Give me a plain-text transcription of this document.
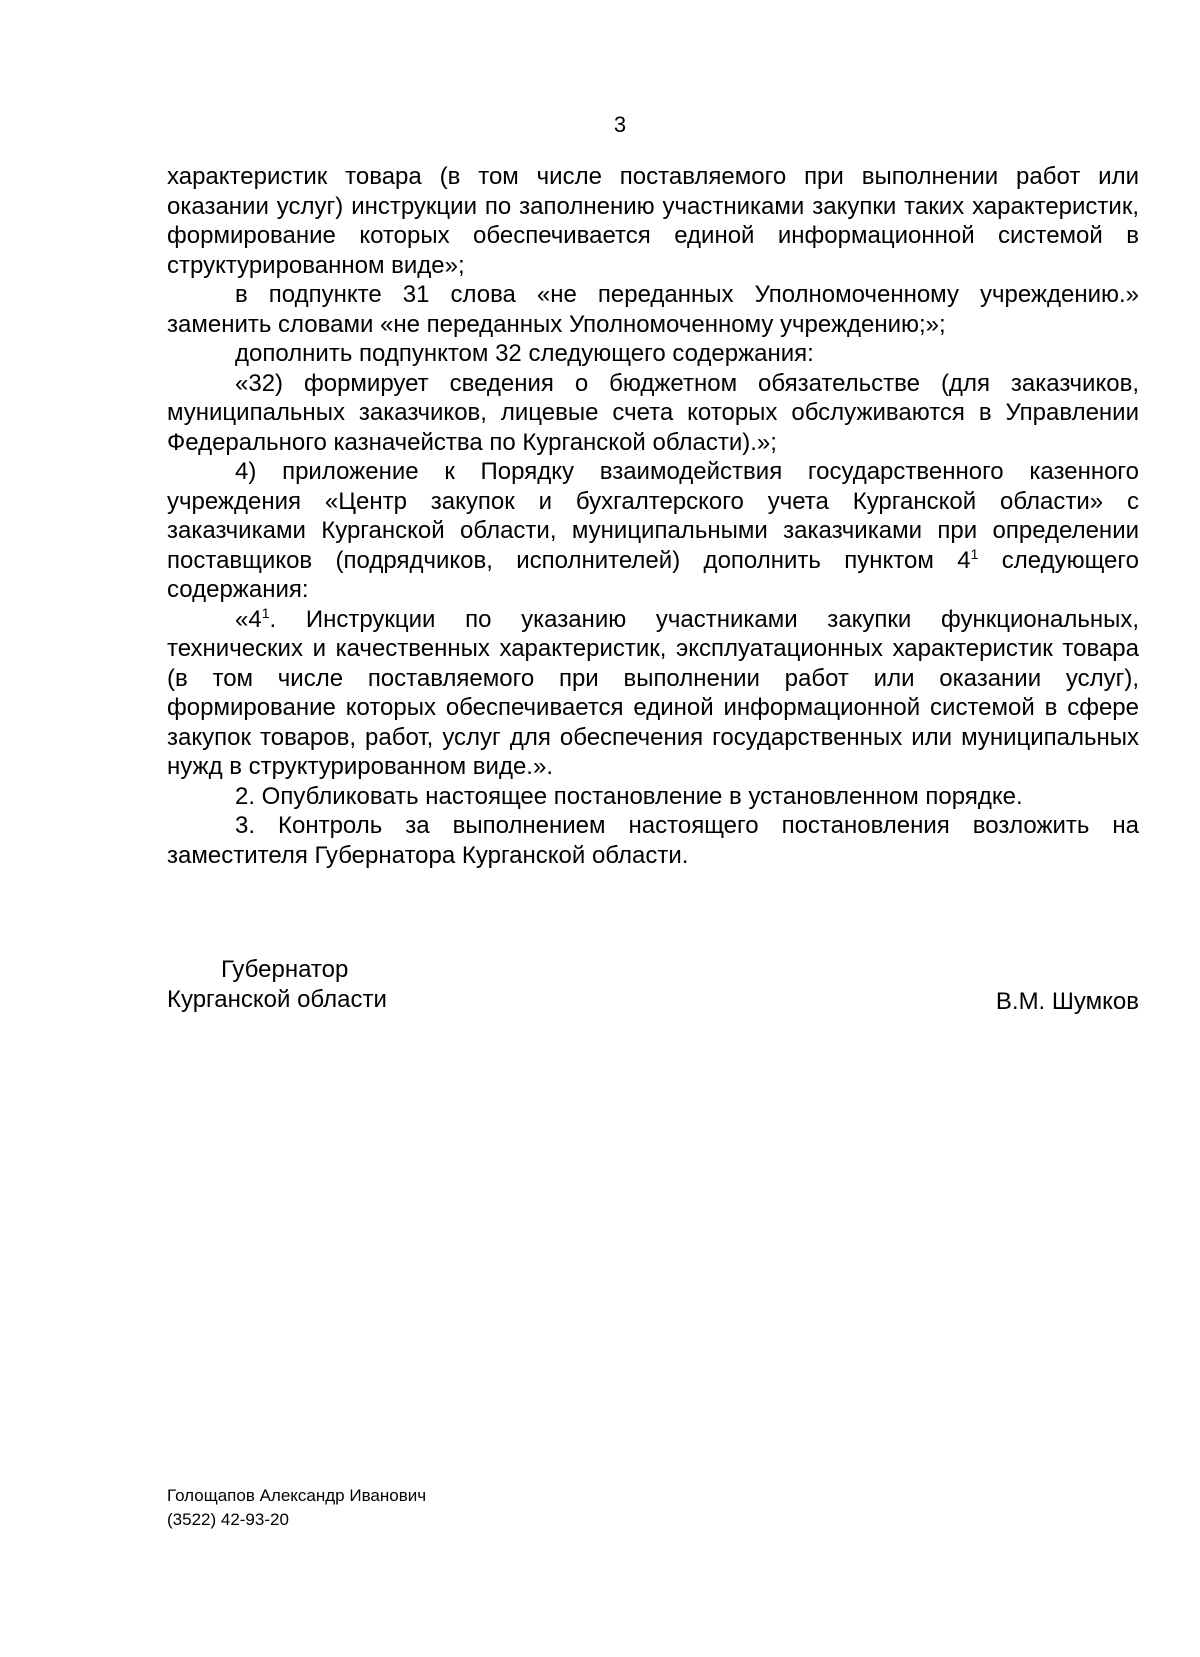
3

характеристик товара (в том числе поставляемого при выполнении работ или оказании услуг) инструкции по заполнению участниками закупки таких характеристик, формирование которых обеспечивается единой информационной системой в структурированном виде»;

в подпункте 31 слова «не переданных Уполномоченному учреждению.» заменить словами «не переданных Уполномоченному учреждению;»;

дополнить подпунктом 32 следующего содержания:

«32) формирует сведения о бюджетном обязательстве (для заказчиков, муниципальных заказчиков, лицевые счета которых обслуживаются в Управлении Федерального казначейства по Курганской области).»;

4) приложение к Порядку взаимодействия государственного казенного учреждения «Центр закупок и бухгалтерского учета Курганской области» с заказчиками Курганской области, муниципальными заказчиками при определении поставщиков (подрядчиков, исполнителей) дополнить пунктом $4^1$ следующего содержания:

«$4^1$. Инструкции по указанию участниками закупки функциональных, технических и качественных характеристик, эксплуатационных характеристик товара (в том числе поставляемого при выполнении работ или оказании услуг), формирование которых обеспечивается единой информационной системой в сфере закупок товаров, работ, услуг для обеспечения государственных или муниципальных нужд в структурированном виде.».

2. Опубликовать настоящее постановление в установленном порядке.

3. Контроль за выполнением настоящего постановления возложить на заместителя Губернатора Курганской области.

Губернатор
Курганской области	В.М. Шумков
Голощапов Александр Иванович
(3522) 42-93-20
